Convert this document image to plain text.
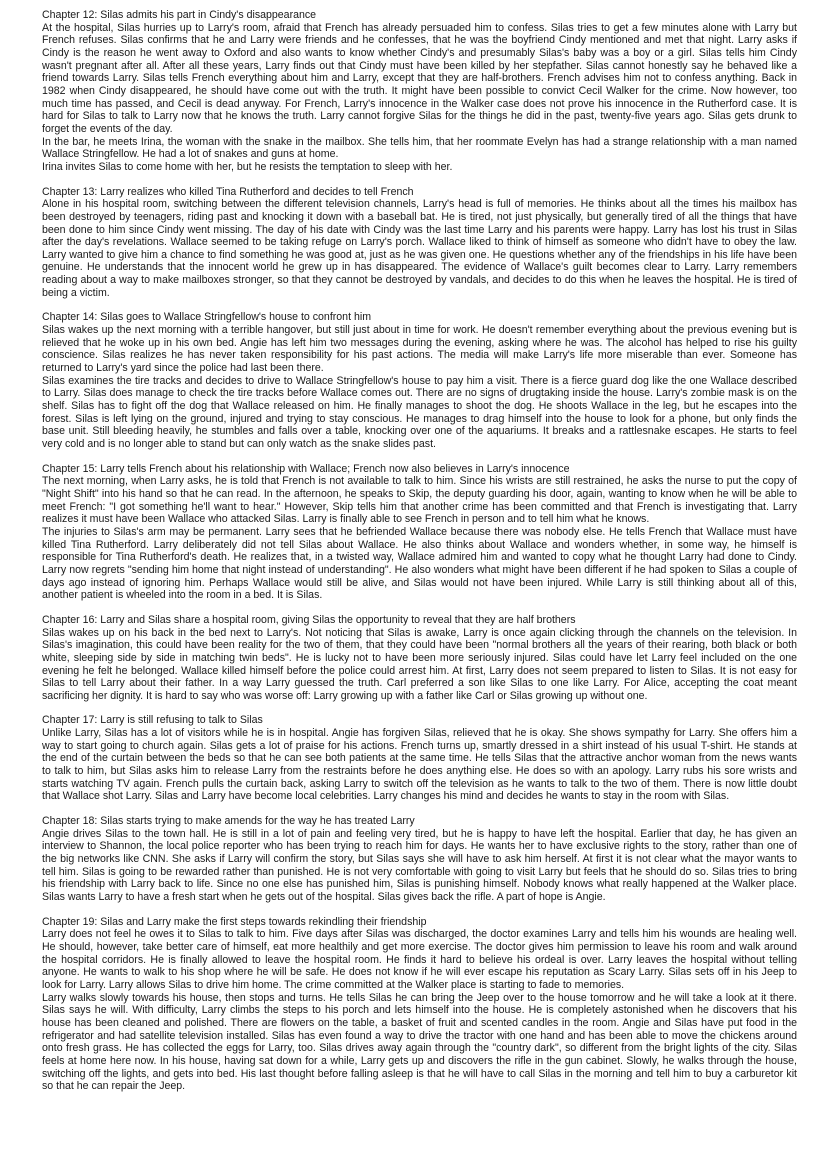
Chapter 12: Silas admits his part in Cindy's disappearance

At the hospital, Silas hurries up to Larry's room, afraid that French has already persuaded him to confess. Silas tries to get a few minutes alone with Larry but French refuses. Silas confirms that he and Larry were friends and he confesses, that he was the boyfriend Cindy mentioned and met that night. Larry asks if Cindy is the reason he went away to Oxford and also wants to know whether Cindy's and presumably Silas's baby was a boy or a girl. Silas tells him Cindy wasn't pregnant after all. After all these years, Larry finds out that Cindy must have been killed by her stepfather. Silas cannot honestly say he behaved like a friend towards Larry. Silas tells French everything about him and Larry, except that they are half-brothers. French advises him not to confess anything. Back in 1982 when Cindy disappeared, he should have come out with the truth. It might have been possible to convict Cecil Walker for the crime. Now however, too much time has passed, and Cecil is dead anyway. For French, Larry's innocence in the Walker case does not prove his innocence in the Rutherford case. It is hard for Silas to talk to Larry now that he knows the truth. Larry cannot forgive Silas for the things he did in the past, twenty-five years ago. Silas gets drunk to forget the events of the day.

In the bar, he meets Irina, the woman with the snake in the mailbox. She tells him, that her roommate Evelyn has had a strange relationship with a man named Wallace Stringfellow. He had a lot of snakes and guns at home.

Irina invites Silas to come home with her, but he resists the temptation to sleep with her.

Chapter 13: Larry realizes who killed Tina Rutherford and decides to tell French

Alone in his hospital room, switching between the different television channels, Larry's head is full of memories. He thinks about all the times his mailbox has been destroyed by teenagers, riding past and knocking it down with a baseball bat. He is tired, not just physically, but generally tired of all the things that have been done to him since Cindy went missing. The day of his date with Cindy was the last time Larry and his parents were happy. Larry has lost his trust in Silas after the day's revelations. Wallace seemed to be taking refuge on Larry's porch. Wallace liked to think of himself as someone who didn't have to obey the law. Larry wanted to give him a chance to find something he was good at, just as he was given one. He questions whether any of the friendships in his life have been genuine. He understands that the innocent world he grew up in has disappeared. The evidence of Wallace's guilt becomes clear to Larry. Larry remembers reading about a way to make mailboxes stronger, so that they cannot be destroyed by vandals, and decides to do this when he leaves the hospital. He is tired of being a victim.

Chapter 14: Silas goes to Wallace Stringfellow's house to confront him

Silas wakes up the next morning with a terrible hangover, but still just about in time for work. He doesn't remember everything about the previous evening but is relieved that he woke up in his own bed. Angie has left him two messages during the evening, asking where he was. The alcohol has helped to rise his guilty conscience. Silas realizes he has never taken responsibility for his past actions. The media will make Larry's life more miserable than ever. Someone has returned to Larry's yard since the police had last been there.

Silas examines the tire tracks and decides to drive to Wallace Stringfellow's house to pay him a visit. There is a fierce guard dog like the one Wallace described to Larry. Silas does manage to check the tire tracks before Wallace comes out. There are no signs of drugtaking inside the house. Larry's zombie mask is on the shelf. Silas has to fight off the dog that Wallace released on him. He finally manages to shoot the dog. He shoots Wallace in the leg, but he escapes into the forest. Silas is left lying on the ground, injured and trying to stay conscious. He manages to drag himself into the house to look for a phone, but only finds the base unit. Still bleeding heavily, he stumbles and falls over a table, knocking over one of the aquariums. It breaks and a rattlesnake escapes. He starts to feel very cold and is no longer able to stand but can only watch as the snake slides past.

Chapter 15: Larry tells French about his relationship with Wallace; French now also believes in Larry's innocence

The next morning, when Larry asks, he is told that French is not available to talk to him. Since his wrists are still restrained, he asks the nurse to put the copy of "Night Shift" into his hand so that he can read. In the afternoon, he speaks to Skip, the deputy guarding his door, again, wanting to know when he will be able to meet French: "I got something he'll want to hear." However, Skip tells him that another crime has been committed and that French is investigating that. Larry realizes it must have been Wallace who attacked Silas. Larry is finally able to see French in person and to tell him what he knows.

The injuries to Silas's arm may be permanent. Larry sees that he befriended Wallace because there was nobody else. He tells French that Wallace must have killed Tina Rutherford. Larry deliberately did not tell Silas about Wallace. He also thinks about Wallace and wonders whether, in some way, he himself is responsible for Tina Rutherford's death. He realizes that, in a twisted way, Wallace admired him and wanted to copy what he thought Larry had done to Cindy. Larry now regrets "sending him home that night instead of understanding". He also wonders what might have been different if he had spoken to Silas a couple of days ago instead of ignoring him. Perhaps Wallace would still be alive, and Silas would not have been injured. While Larry is still thinking about all of this, another patient is wheeled into the room in a bed. It is Silas.

Chapter 16: Larry and Silas share a hospital room, giving Silas the opportunity to reveal that they are half brothers

Silas wakes up on his back in the bed next to Larry's. Not noticing that Silas is awake, Larry is once again clicking through the channels on the television. In Silas's imagination, this could have been reality for the two of them, that they could have been "normal brothers all the years of their rearing, both black or both white, sleeping side by side in matching twin beds". He is lucky not to have been more seriously injured. Silas could have let Larry feel included on the one evening he felt he belonged. Wallace killed himself before the police could arrest him. At first, Larry does not seem prepared to listen to Silas. It is not easy for Silas to tell Larry about their father. In a way Larry guessed the truth. Carl preferred a son like Silas to one like Larry. For Alice, accepting the coat meant sacrificing her dignity. It is hard to say who was worse off: Larry growing up with a father like Carl or Silas growing up without one.

Chapter 17: Larry is still refusing to talk to Silas

Unlike Larry, Silas has a lot of visitors while he is in hospital. Angie has forgiven Silas, relieved that he is okay. She shows sympathy for Larry. She offers him a way to start going to church again. Silas gets a lot of praise for his actions. French turns up, smartly dressed in a shirt instead of his usual T-shirt. He stands at the end of the curtain between the beds so that he can see both patients at the same time. He tells Silas that the attractive anchor woman from the news wants to talk to him, but Silas asks him to release Larry from the restraints before he does anything else. He does so with an apology. Larry rubs his sore wrists and starts watching TV again. French pulls the curtain back, asking Larry to switch off the television as he wants to talk to the two of them. There is now little doubt that Wallace shot Larry. Silas and Larry have become local celebrities. Larry changes his mind and decides he wants to stay in the room with Silas.

Chapter 18: Silas starts trying to make amends for the way he has treated Larry

Angie drives Silas to the town hall. He is still in a lot of pain and feeling very tired, but he is happy to have left the hospital. Earlier that day, he has given an interview to Shannon, the local police reporter who has been trying to reach him for days. He wants her to have exclusive rights to the story, rather than one of the big networks like CNN. She asks if Larry will confirm the story, but Silas says she will have to ask him herself. At first it is not clear what the mayor wants to tell him. Silas is going to be rewarded rather than punished. He is not very comfortable with going to visit Larry but feels that he should do so. Silas tries to bring his friendship with Larry back to life. Since no one else has punished him, Silas is punishing himself. Nobody knows what really happened at the Walker place. Silas wants Larry to have a fresh start when he gets out of the hospital. Silas gives back the rifle. A part of hope is Angie.

Chapter 19: Silas and Larry make the first steps towards rekindling their friendship

Larry does not feel he owes it to Silas to talk to him. Five days after Silas was discharged, the doctor examines Larry and tells him his wounds are healing well. He should, however, take better care of himself, eat more healthily and get more exercise. The doctor gives him permission to leave his room and walk around the hospital corridors. He is finally allowed to leave the hospital room. He finds it hard to believe his ordeal is over. Larry leaves the hospital without telling anyone. He wants to walk to his shop where he will be safe. He does not know if he will ever escape his reputation as Scary Larry. Silas sets off in his Jeep to look for Larry. Larry allows Silas to drive him home. The crime committed at the Walker place is starting to fade to memories.

Larry walks slowly towards his house, then stops and turns. He tells Silas he can bring the Jeep over to the house tomorrow and he will take a look at it there. Silas says he will. With difficulty, Larry climbs the steps to his porch and lets himself into the house. He is completely astonished when he discovers that his house has been cleaned and polished. There are flowers on the table, a basket of fruit and scented candles in the room. Angie and Silas have put food in the refrigerator and had satellite television installed. Silas has even found a way to drive the tractor with one hand and has been able to move the chickens around onto fresh grass. He has collected the eggs for Larry, too. Silas drives away again through the "country dark", so different from the bright lights of the city. Silas feels at home here now. In his house, having sat down for a while, Larry gets up and discovers the rifle in the gun cabinet. Slowly, he walks through the house, switching off the lights, and gets into bed. His last thought before falling asleep is that he will have to call Silas in the morning and tell him to buy a carburetor kit so that he can repair the Jeep.
